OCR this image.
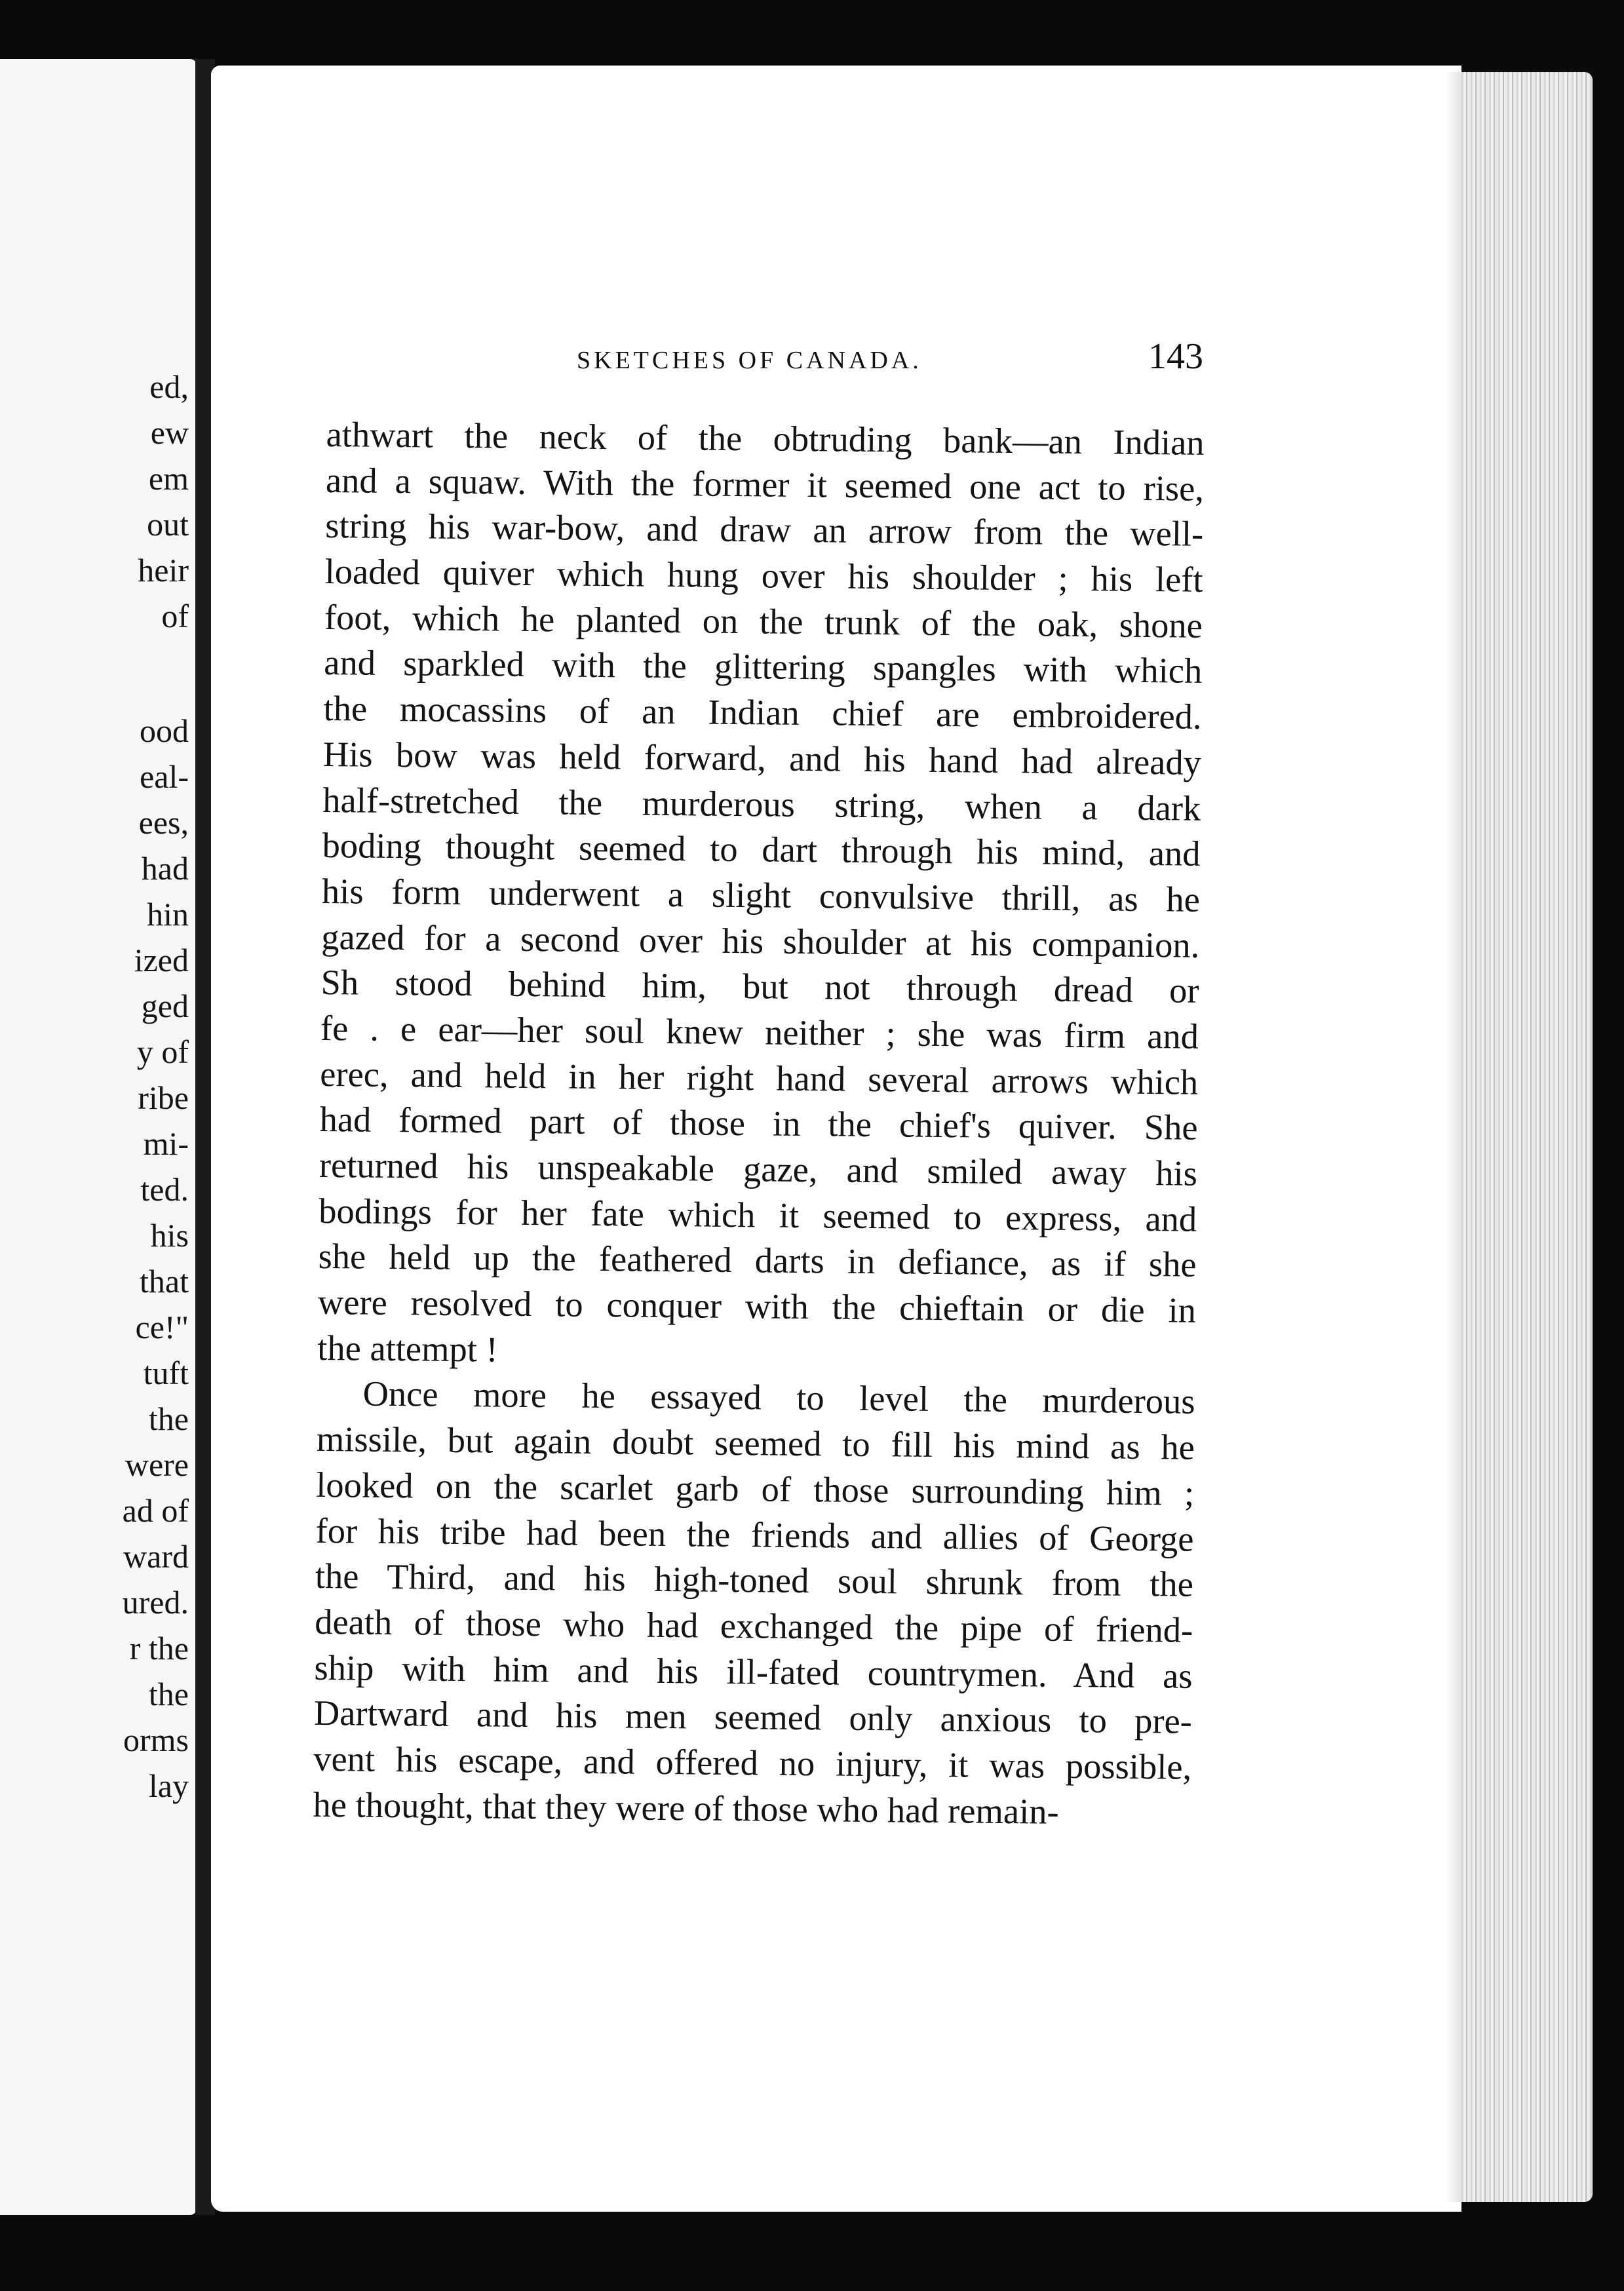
ed,
ew
em
out
heir
of
ood
eal-
ees,
had
hin
ized
ged
y of
ribe
mi-
ted.
his
that
ce!"
tuft
the
were
ad of
ward
ured.
r the
the
orms
lay
SKETCHES OF CANADA.	143
athwart the neck of the obtruding bank—an Indian
and a squaw. With the former it seemed one act to rise,
string his war-bow, and draw an arrow from the well-
loaded quiver which hung over his shoulder ; his left
foot, which he planted on the trunk of the oak, shone
and sparkled with the glittering spangles with which
the mocassins of an Indian chief are embroidered.
His bow was held forward, and his hand had already
half-stretched the murderous string, when a dark
boding thought seemed to dart through his mind, and
his form underwent a slight convulsive thrill, as he
gazed for a second over his shoulder at his companion.
Sh stood behind him, but not through dread or
fe . e ear—her soul knew neither ; she was firm and
erec, and held in her right hand several arrows which
had formed part of those in the chief's quiver. She
returned his unspeakable gaze, and smiled away his
bodings for her fate which it seemed to express, and
she held up the feathered darts in defiance, as if she
were resolved to conquer with the chieftain or die in
the attempt !
Once more he essayed to level the murderous
missile, but again doubt seemed to fill his mind as he
looked on the scarlet garb of those surrounding him ;
for his tribe had been the friends and allies of George
the Third, and his high-toned soul shrunk from the
death of those who had exchanged the pipe of friend-
ship with him and his ill-fated countrymen. And as
Dartward and his men seemed only anxious to pre-
vent his escape, and offered no injury, it was possible,
he thought, that they were of those who had remain-
